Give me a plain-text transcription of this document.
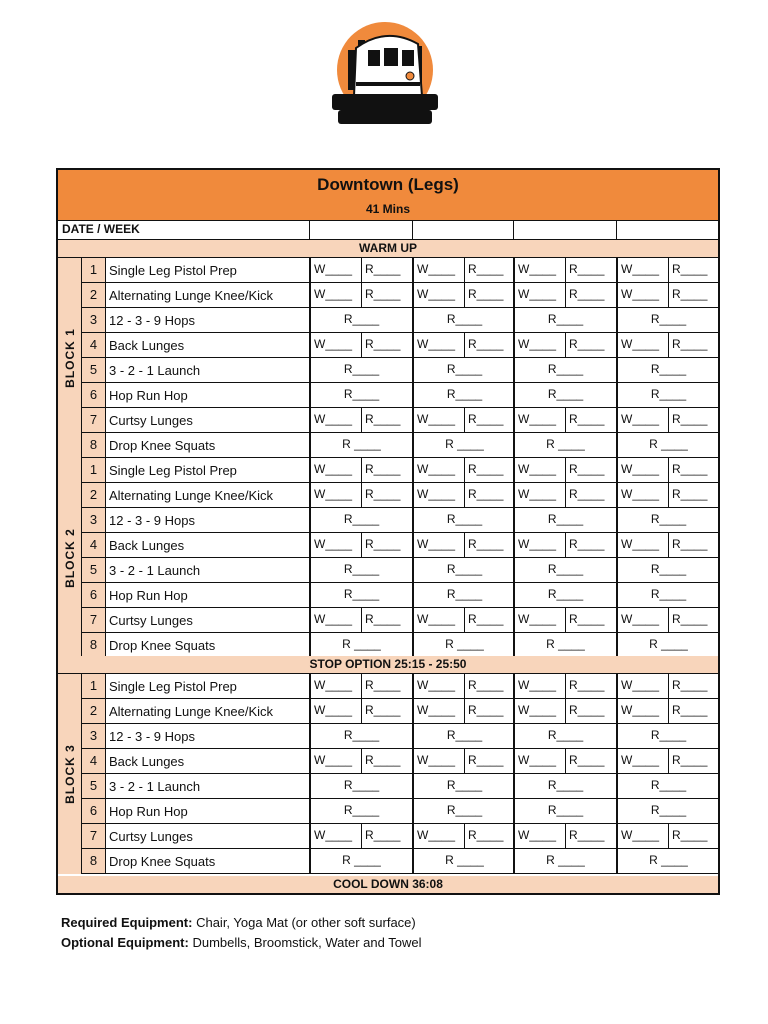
Downtown (Legs)
41 Mins
DATE / WEEK
WARM UP
BLOCK 1
1 Single Leg Pistol Prep	W____	R____	W____	R____	W____	R____	W____	R____
2 Alternating Lunge Knee/Kick	W____	R____	W____	R____	W____	R____	W____	R____
3 12 - 3 - 9 Hops	R____	R____	R____	R____
4 Back Lunges	W____	R____	W____	R____	W____	R____	W____	R____
5 3 - 2 - 1 Launch	R____	R____	R____	R____
6 Hop Run Hop	R____	R____	R____	R____
7 Curtsy Lunges	W____	R____	W____	R____	W____	R____	W____	R____
8 Drop Knee Squats	R ____	R ____	R ____	R ____
BLOCK 2
1 Single Leg Pistol Prep	W____	R____	W____	R____	W____	R____	W____	R____
2 Alternating Lunge Knee/Kick	W____	R____	W____	R____	W____	R____	W____	R____
3 12 - 3 - 9 Hops	R____	R____	R____	R____
4 Back Lunges	W____	R____	W____	R____	W____	R____	W____	R____
5 3 - 2 - 1 Launch	R____	R____	R____	R____
6 Hop Run Hop	R____	R____	R____	R____
7 Curtsy Lunges	W____	R____	W____	R____	W____	R____	W____	R____
8 Drop Knee Squats	R ____	R ____	R ____	R ____
BLOCK 3
1 Single Leg Pistol Prep	W____	R____	W____	R____	W____	R____	W____	R____
2 Alternating Lunge Knee/Kick	W____	R____	W____	R____	W____	R____	W____	R____
3 12 - 3 - 9 Hops	R____	R____	R____	R____
4 Back Lunges	W____	R____	W____	R____	W____	R____	W____	R____
5 3 - 2 - 1 Launch	R____	R____	R____	R____
6 Hop Run Hop	R____	R____	R____	R____
7 Curtsy Lunges	W____	R____	W____	R____	W____	R____	W____	R____
8 Drop Knee Squats	R ____	R ____	R ____	R ____
STOP OPTION 25:15 - 25:50
COOL DOWN 36:08
Required Equipment: Chair, Yoga Mat (or other soft surface)
Optional Equipment: Dumbells, Broomstick, Water and Towel
